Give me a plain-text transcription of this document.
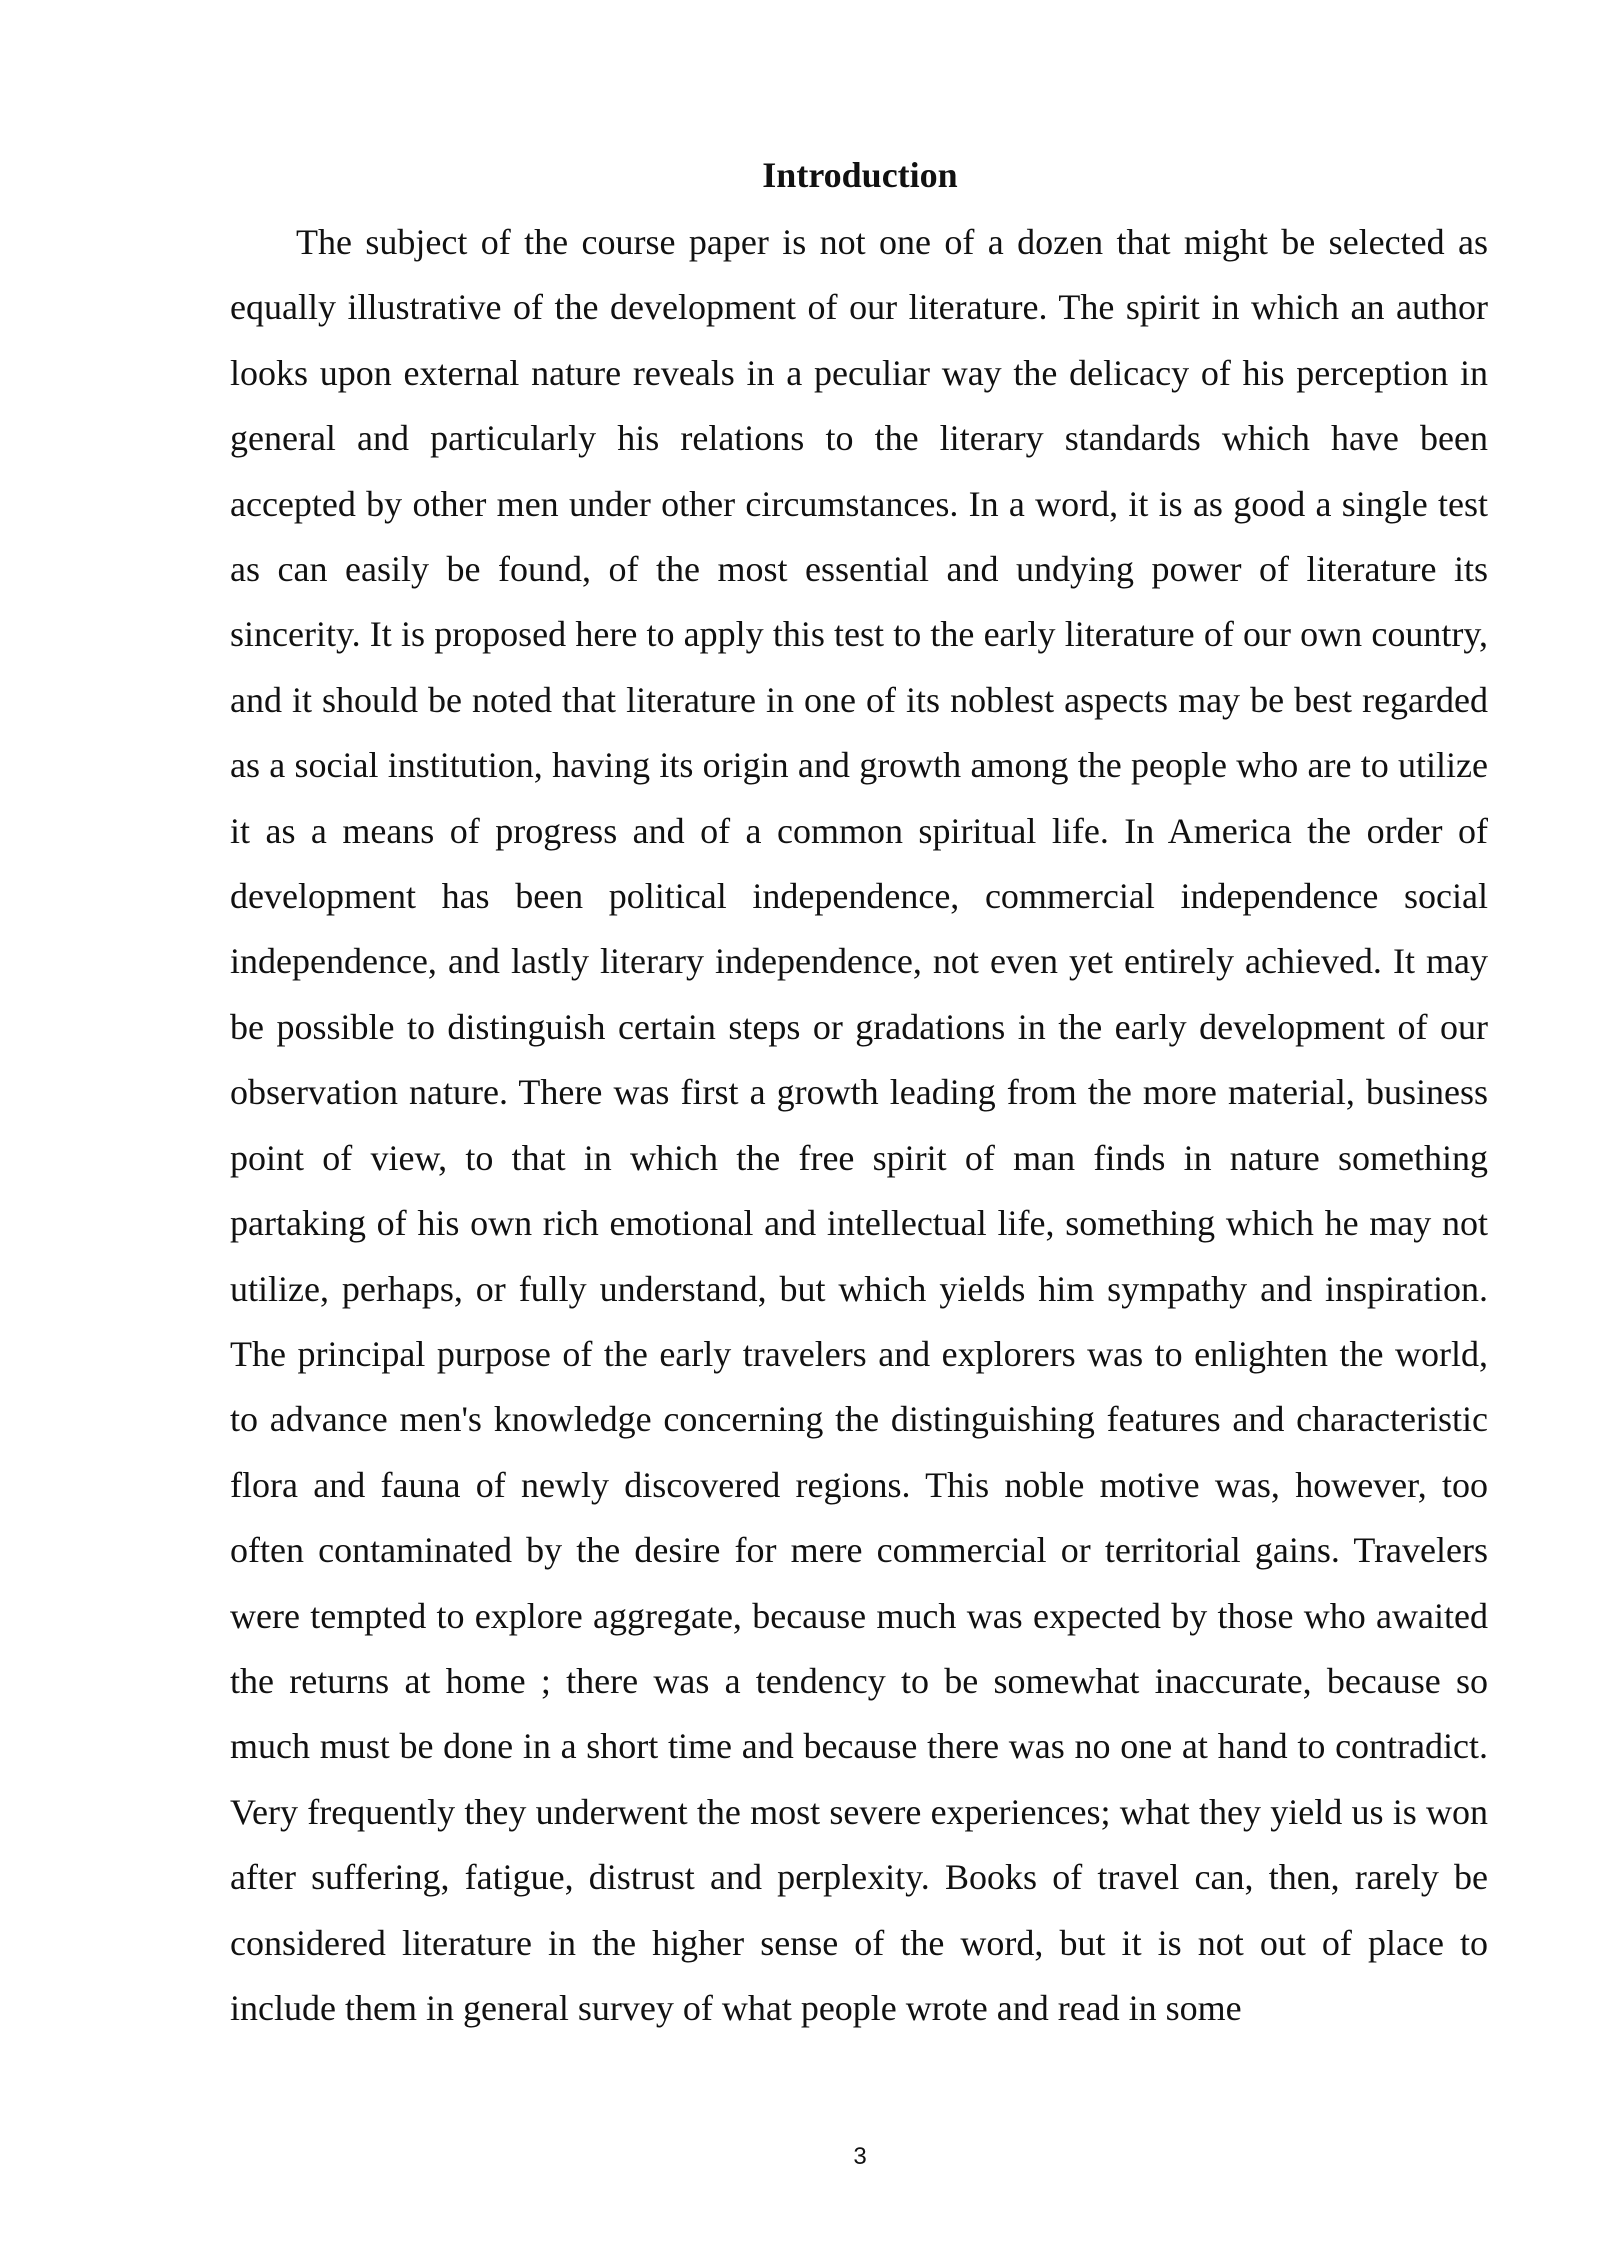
Introduction

The subject of the course paper is not one of a dozen that might be selected as equally illustrative of the development of our literature. The spirit in which an author looks upon external nature reveals in a peculiar way the delicacy of his perception in general and particularly his relations to the literary standards which have been accepted by other men under other circumstances. In a word, it is as good a single test as can easily be found, of the most essential and undying power of literature its sincerity. It is proposed here to apply this test to the early literature of our own country, and it should be noted that literature in one of its noblest aspects may be best regarded as a social institution, having its origin and growth among the people who are to utilize it as a means of progress and of a common spiritual life. In America the order of development has been political independence, commercial independence social independence, and lastly literary independence, not even yet entirely achieved. It may be possible to distinguish certain steps or gradations in the early development of our observation nature. There was first a growth leading from the more material, business point of view, to that in which the free spirit of man finds in nature something partaking of his own rich emotional and intellectual life, something which he may not utilize, perhaps, or fully understand, but which yields him sympathy and inspiration. The principal purpose of the early travelers and explorers was to enlighten the world, to advance men's knowledge concerning the distinguishing features and characteristic flora and fauna of newly discovered regions. This noble motive was, however, too often contaminated by the desire for mere commercial or territorial gains. Travelers were tempted to explore aggregate, because much was expected by those who awaited the returns at home ; there was a tendency to be somewhat inaccurate, because so much must be done in a short time and because there was no one at hand to contradict. Very frequently they underwent the most severe experiences; what they yield us is won after suffering, fatigue, distrust and perplexity. Books of travel can, then, rarely be considered literature in the higher sense of the word, but it is not out of place to include them in general survey of what people wrote and read in some

3
